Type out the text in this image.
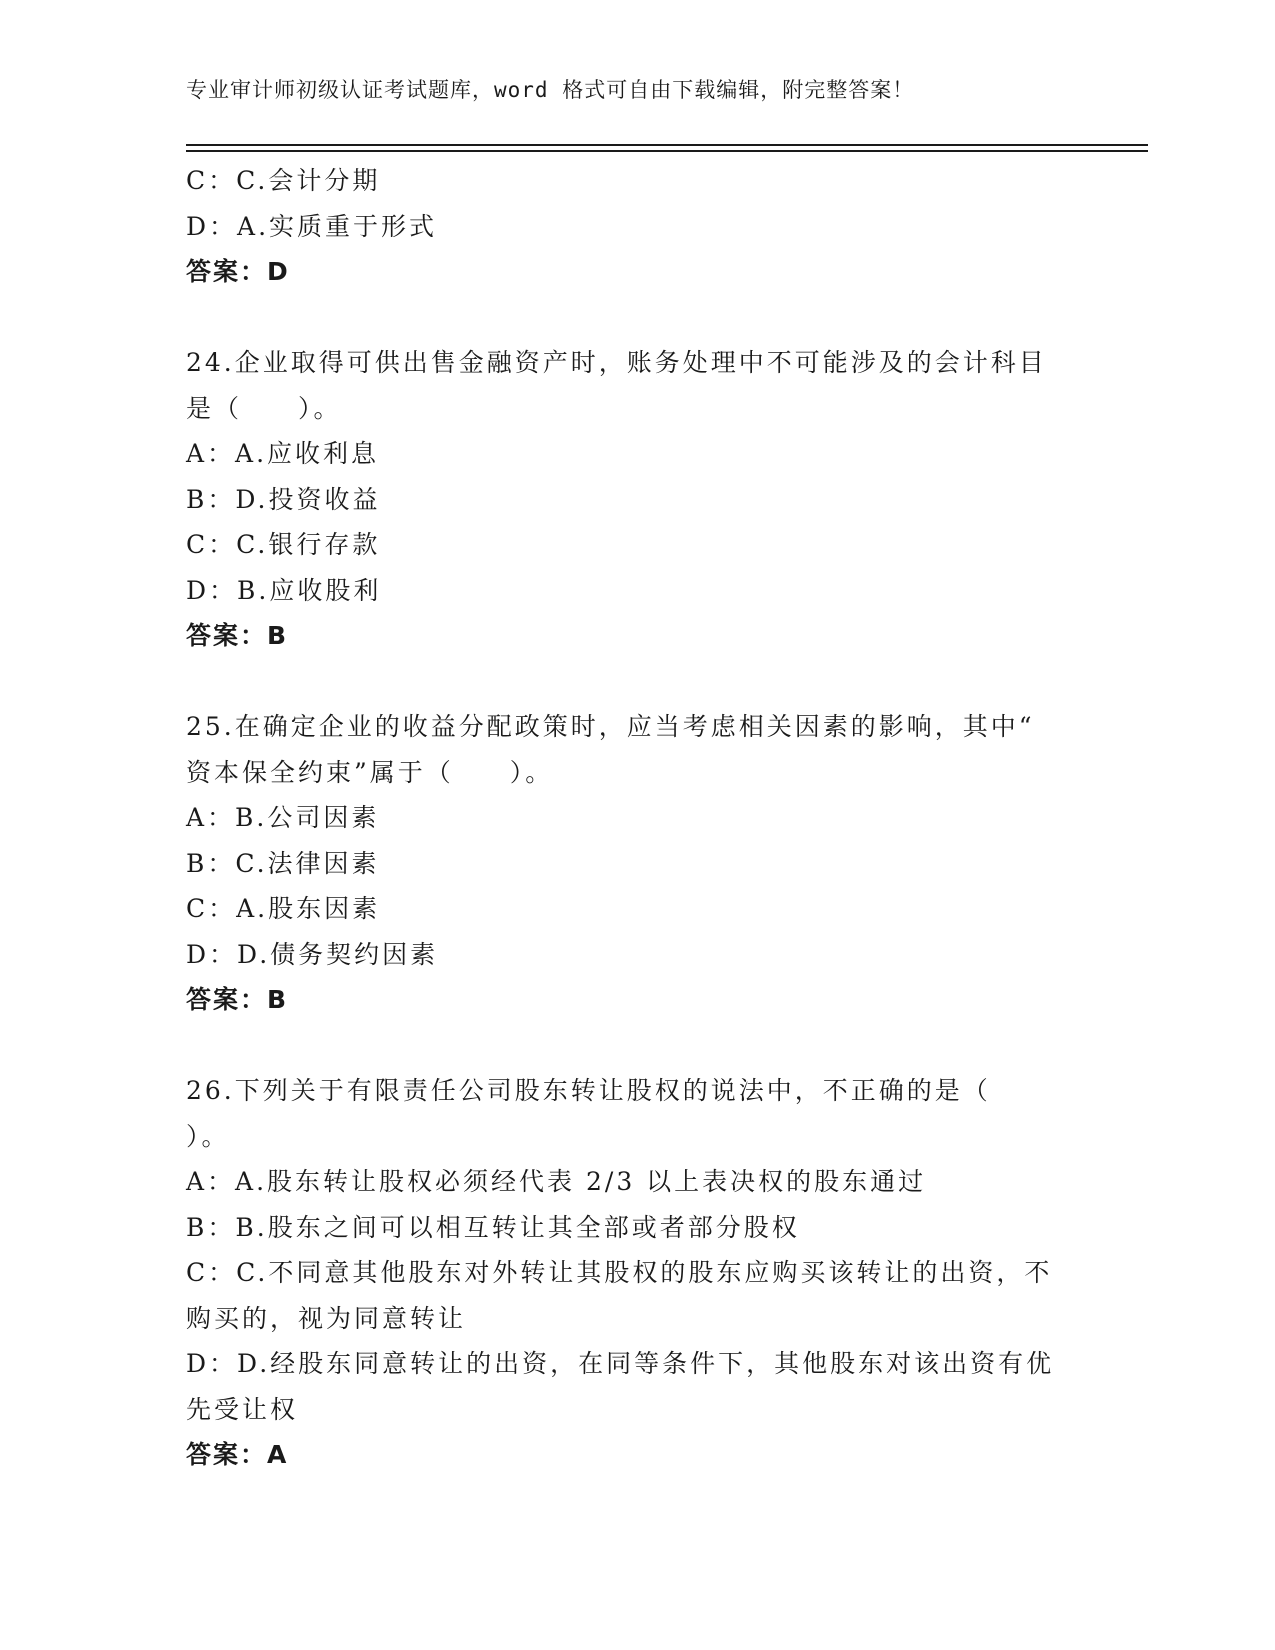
专业审计师初级认证考试题库，word 格式可自由下载编辑，附完整答案！
C：C.会计分期
D：A.实质重于形式
答案：D
24.企业取得可供出售金融资产时，账务处理中不可能涉及的会计科目
是（　　）。
A：A.应收利息
B：D.投资收益
C：C.银行存款
D：B.应收股利
答案：B
25.在确定企业的收益分配政策时，应当考虑相关因素的影响，其中“
资本保全约束”属于（　　）。
A：B.公司因素
B：C.法律因素
C：A.股东因素
D：D.债务契约因素
答案：B
26.下列关于有限责任公司股东转让股权的说法中，不正确的是（
）。
A：A.股东转让股权必须经代表 2/3 以上表决权的股东通过
B：B.股东之间可以相互转让其全部或者部分股权
C：C.不同意其他股东对外转让其股权的股东应购买该转让的出资，不
购买的，视为同意转让
D：D.经股东同意转让的出资，在同等条件下，其他股东对该出资有优
先受让权
答案：A
